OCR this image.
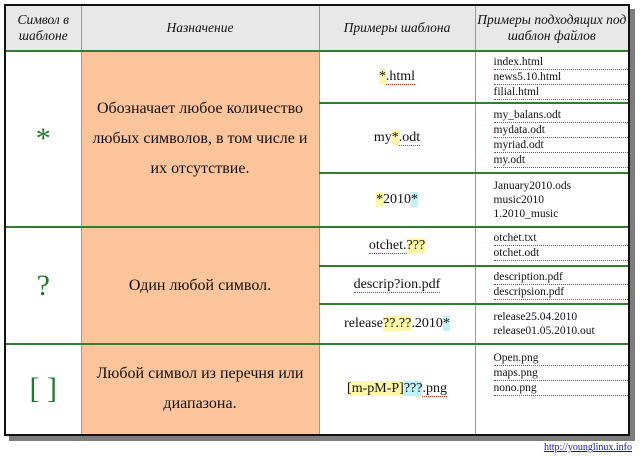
Символ в шаблоне	Назначение	Примеры шаблона	Примеры подходящих под шаблон файлов
*	Обозначает любое количество любых символов, в том числе и их отсутствие.	*.html	index.html
news5.10.html
filial.html

		my*.odt	my_balans.odt
mydata.odt
myriad.odt
my.odt

		*2010*	January2010.ods
music2010
1.2010_music

?	Один любой символ.	otchet.???	otchet.txt
otchet.odt

		descrip?ion.pdf	description.pdf
descripsion.pdf

		release??.??.2010*	release25.04.2010
release01.05.2010.out

[ ]	Любой символ из перечня или диапазона.	[m-pM-P]???.png	Open.png
maps.png
nono.png
http://younglinux.info
